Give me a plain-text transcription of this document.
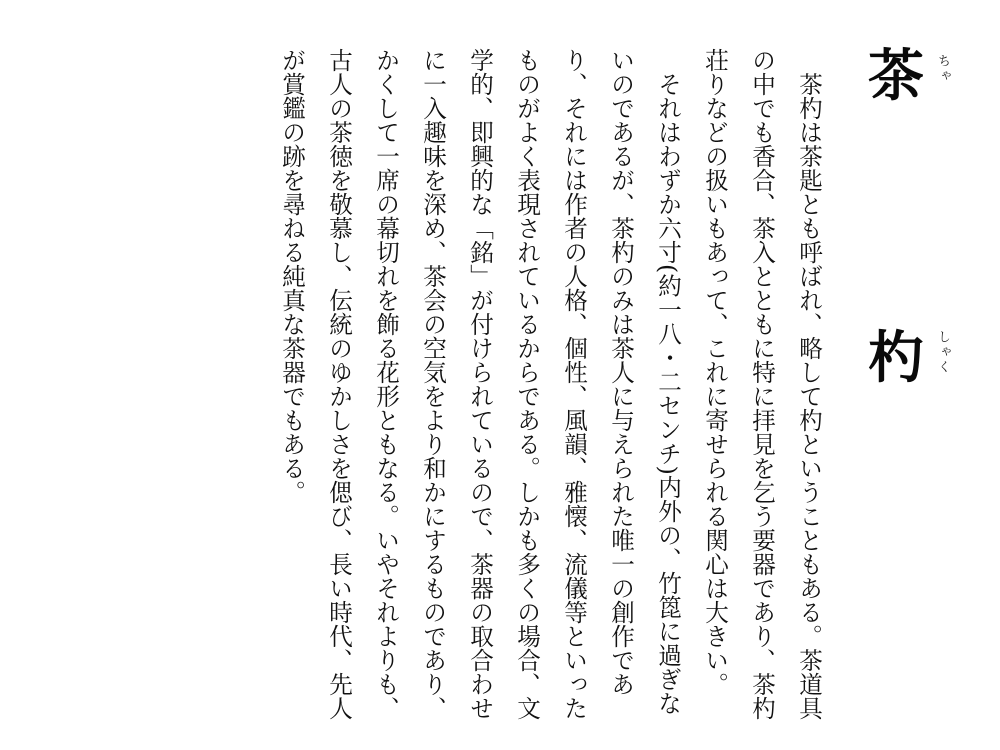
茶 ちゃ
杓 しゃく

茶杓は茶匙とも呼ばれ、略して杓ということもある。茶道具の中でも香合、茶入とともに特に拝見を乞う要器であり、茶杓荘りなどの扱いもあって、これに寄せられる関心は大きい。

それはわずか六寸(約一八・二センチ)内外の、竹箆に過ぎないのであるが、茶杓のみは茶人に与えられた唯一の創作であり、それには作者の人格、個性、風韻、雅懐、流儀等といったものがよく表現されているからである。しかも多くの場合、文学的、即興的な「銘」が付けられているので、茶器の取合わせに一入趣味を深め、茶会の空気をより和かにするものであり、かくして一席の幕切れを飾る花形ともなる。いやそれよりも、古人の茶徳を敬慕し、伝統のゆかしさを偲び、長い時代、先人が賞鑑の跡を尋ねる純真な茶器でもある。
